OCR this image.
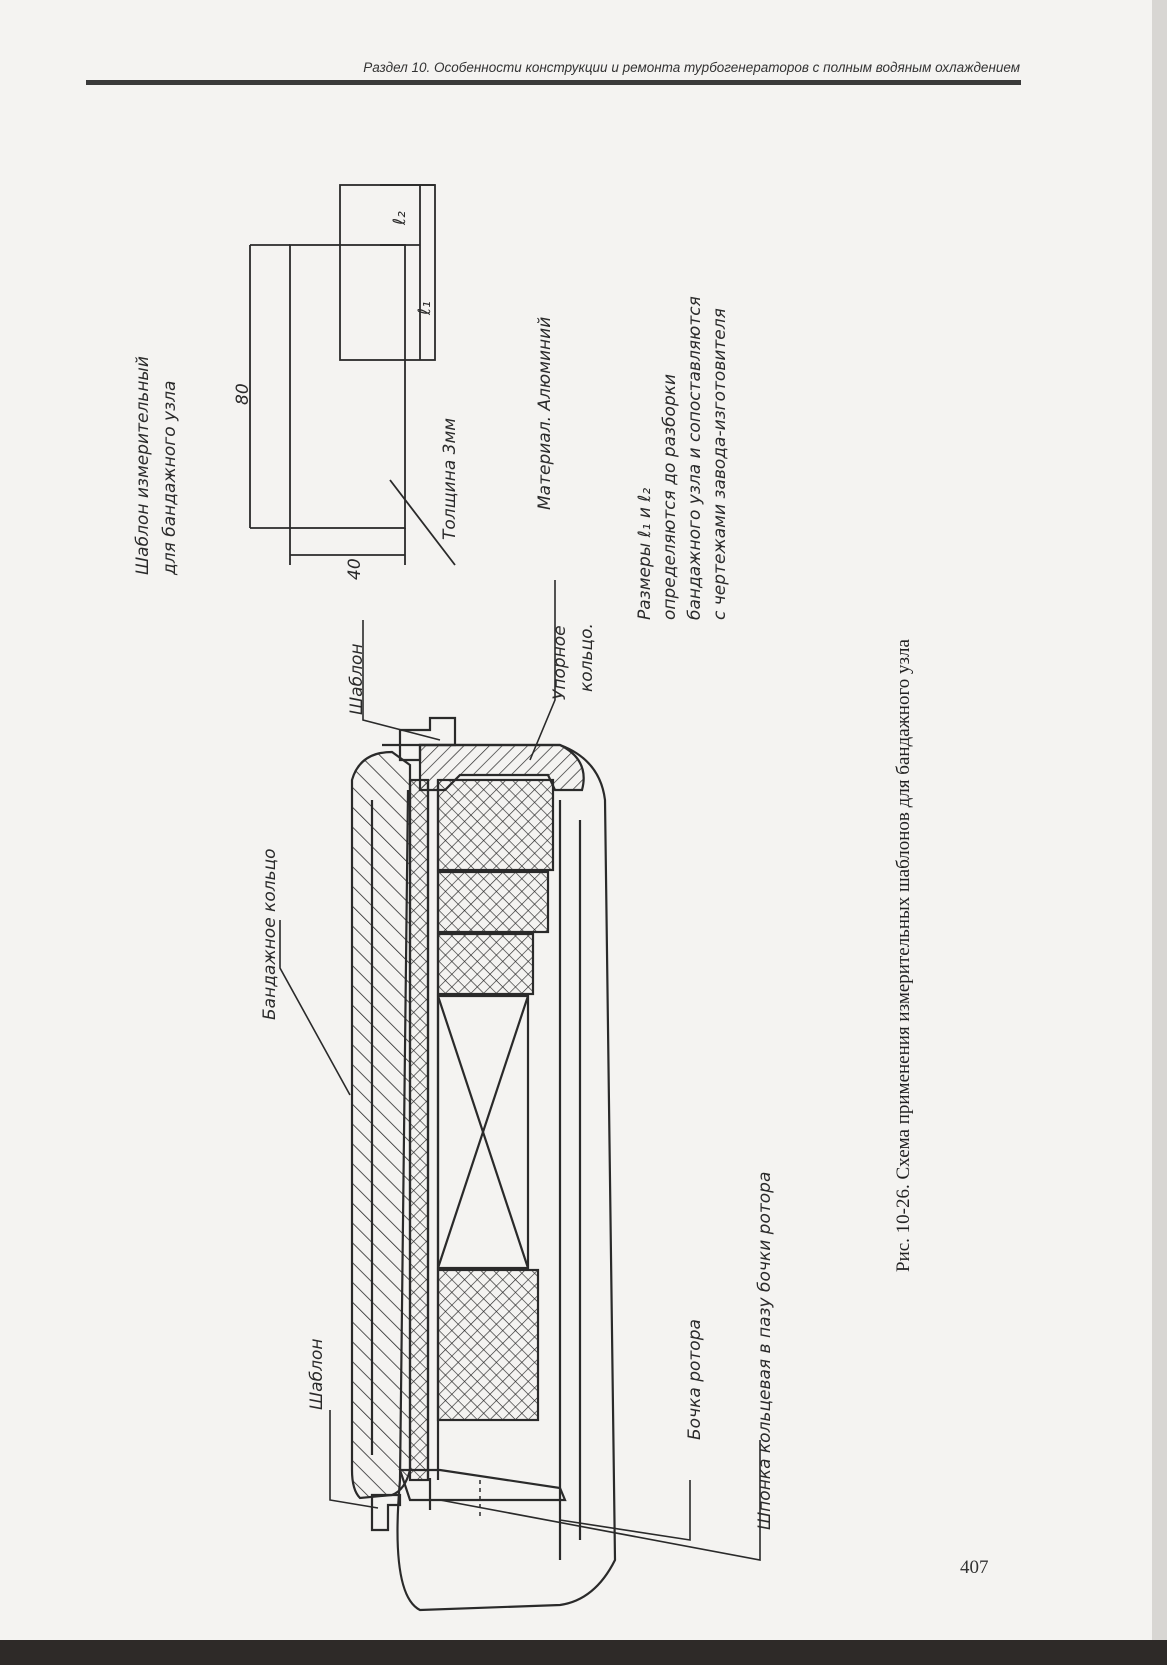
Раздел 10. Особенности конструкции и ремонта турбогенераторов с полным водяным охлаждением
Шаблон
Шаблон
Бандажное кольцо
Упорное кольцо.
Бочка ротора	Шпонка кольцевая в пазу бочки ротора
Шаблон измерительный для бандажного узла	80
40
ℓ₁
ℓ₂
Толщина 3мм	Материал. Алюминий
Размеры ℓ₁ и ℓ₂ определяются до разборки бандажного узла и сопоставляются с чертежами завода-изготовителя
Рис. 10-26. Схема применения измерительных шаблонов для бандажного узла
407
